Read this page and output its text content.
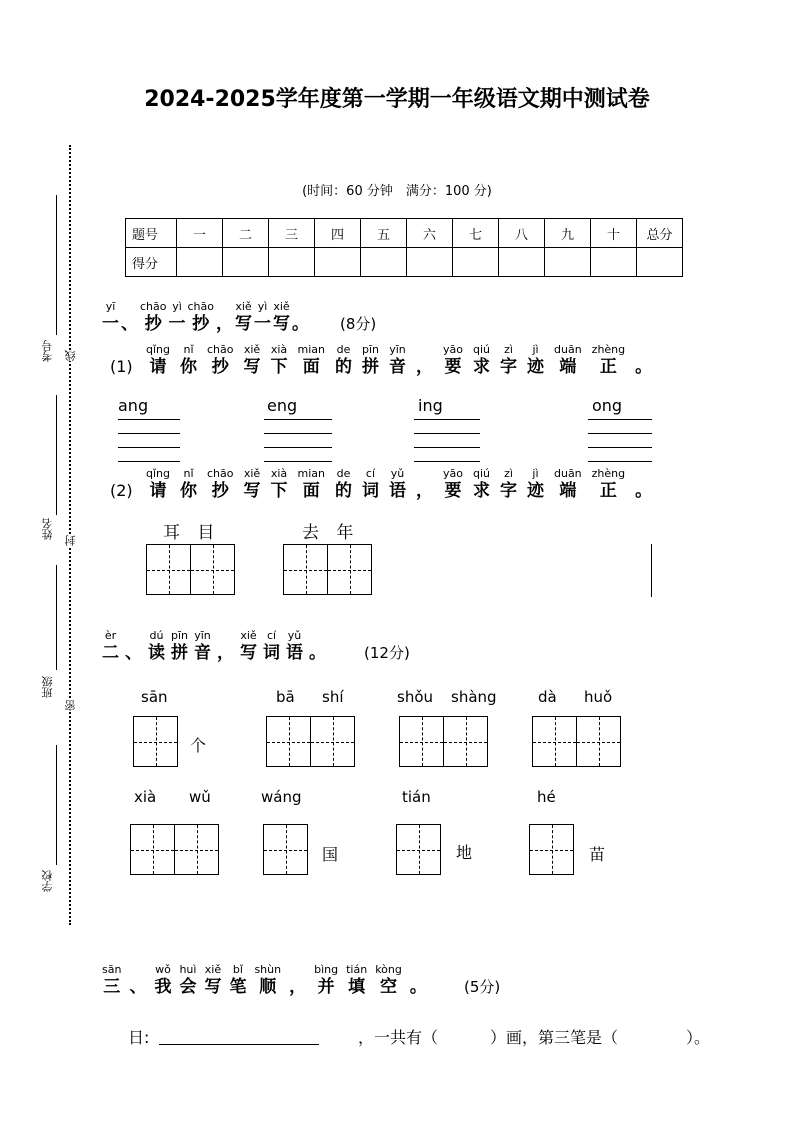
2024-2025学年度第一学期一年级语文期中测试卷
(时间：60 分钟　满分：100 分)
题号	一	二	三	四	五	六	七	八	九	十	总分
得分											
考号
姓名
班级
学校
线
封
密
yī
一
、
chāo
抄
yì
一
chāo
抄
，
xiě
写
yì
一
xiě
写
。 (8分)
(1)
qǐng
请
nǐ
你
chāo
抄
xiě
写
xià
下
mian
面
de
的
pīn
拼
yīn
音
，
yāo
要
qiú
求
zì
字
jì
迹
duān
端
zhèng
正
。
ang	eng	ing	ong
(2)
qǐng
请
nǐ
你
chāo
抄
xiě
写
xià
下
mian
面
de
的
cí
词
yǔ
语
，
yāo
要
qiú
求
zì
字
jì
迹
duān
端
zhèng
正
。
耳 目	去 年
èr
二
、
dú
读
pīn
拼
yīn
音
，
xiě
写
cí
词
yǔ
语
。	(12分)
sān
个
bā shí	shǒu shàng	dà huǒ
xià wǔ	wáng
国
tián
地
hé
苗
sān
三
、
wǒ
我
huì
会
xiě
写
bǐ
笔
shùn
顺
，
bìng
并
tián
填
kòng
空
。 (5分)
日:	，一共有（	）画，第三笔是（	）。
